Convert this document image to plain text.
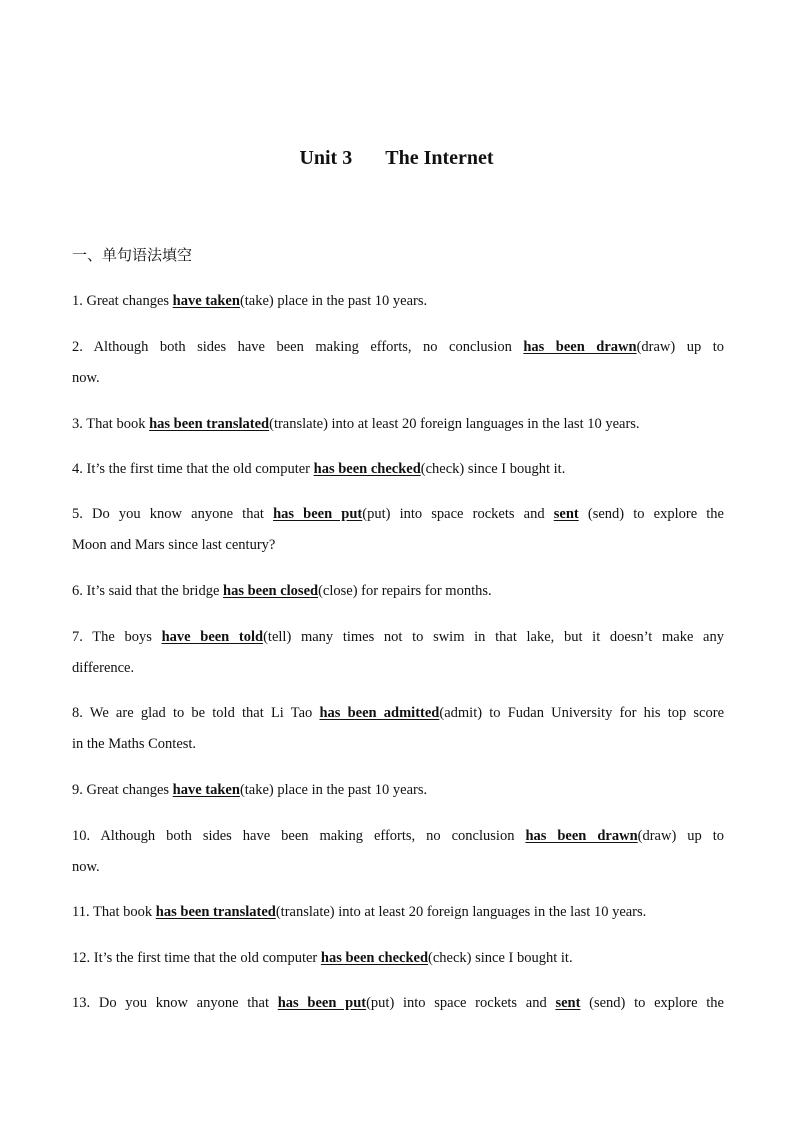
Unit 3 The Internet
一、单句语法填空
1. Great changes have taken(take) place in the past 10 years.
2. Although both sides have been making efforts, no conclusion has been drawn(draw) up to
now.
3. That book has been translated(translate) into at least 20 foreign languages in the last 10 years.
4. It’s the first time that the old computer has been checked(check) since I bought it.
5. Do you know anyone that has been put(put) into space rockets and sent (send) to explore the
Moon and Mars since last century?
6. It’s said that the bridge has been closed(close) for repairs for months.
7. The boys have been told(tell) many times not to swim in that lake, but it doesn’t make any
difference.
8. We are glad to be told that Li Tao has been admitted(admit) to Fudan University for his top score
in the Maths Contest.
9. Great changes have taken(take) place in the past 10 years.
10. Although both sides have been making efforts, no conclusion has been drawn(draw) up to
now.
11. That book has been translated(translate) into at least 20 foreign languages in the last 10 years.
12. It’s the first time that the old computer has been checked(check) since I bought it.
13. Do you know anyone that has been put(put) into space rockets and sent (send) to explore the
